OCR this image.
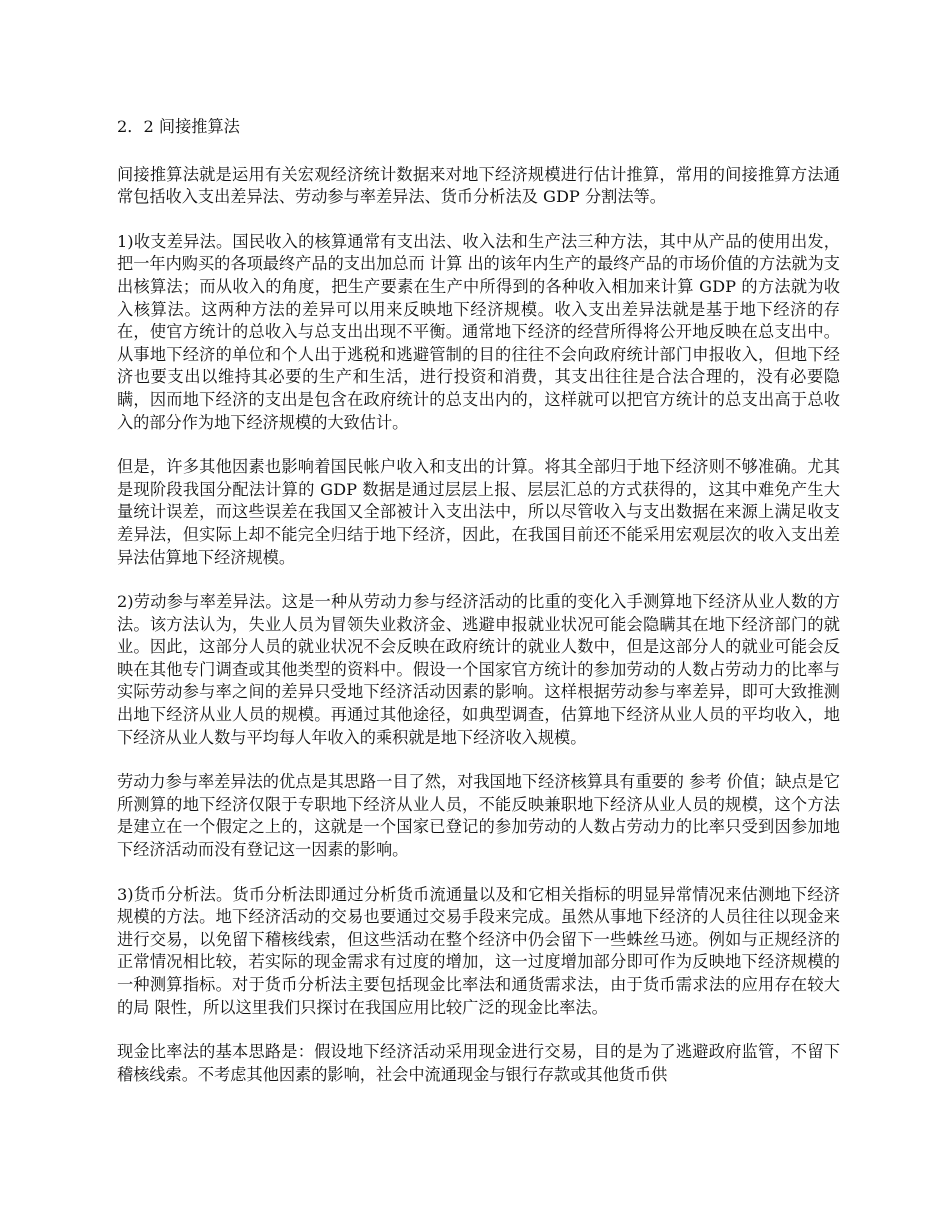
2．2 间接推算法

间接推算法就是运用有关宏观经济统计数据来对地下经济规模进行估计推算，常用的间接推算方法通常包括收入支出差异法、劳动参与率差异法、货币分析法及 GDP 分割法等。

1)收支差异法。国民收入的核算通常有支出法、收入法和生产法三种方法，其中从产品的使用出发，把一年内购买的各项最终产品的支出加总而 计算 出的该年内生产的最终产品的市场价值的方法就为支出核算法；而从收入的角度，把生产要素在生产中所得到的各种收入相加来计算 GDP 的方法就为收入核算法。这两种方法的差异可以用来反映地下经济规模。收入支出差异法就是基于地下经济的存在，使官方统计的总收入与总支出出现不平衡。通常地下经济的经营所得将公开地反映在总支出中。从事地下经济的单位和个人出于逃税和逃避管制的目的往往不会向政府统计部门申报收入，但地下经济也要支出以维持其必要的生产和生活，进行投资和消费，其支出往往是合法合理的，没有必要隐瞒，因而地下经济的支出是包含在政府统计的总支出内的，这样就可以把官方统计的总支出高于总收入的部分作为地下经济规模的大致估计。

但是，许多其他因素也影响着国民帐户收入和支出的计算。将其全部归于地下经济则不够准确。尤其是现阶段我国分配法计算的 GDP 数据是通过层层上报、层层汇总的方式获得的，这其中难免产生大量统计误差，而这些误差在我国又全部被计入支出法中，所以尽管收入与支出数据在来源上满足收支差异法，但实际上却不能完全归结于地下经济，因此，在我国目前还不能采用宏观层次的收入支出差异法估算地下经济规模。

2)劳动参与率差异法。这是一种从劳动力参与经济活动的比重的变化入手测算地下经济从业人数的方法。该方法认为，失业人员为冒领失业救济金、逃避申报就业状况可能会隐瞒其在地下经济部门的就业。因此，这部分人员的就业状况不会反映在政府统计的就业人数中，但是这部分人的就业可能会反映在其他专门调查或其他类型的资料中。假设一个国家官方统计的参加劳动的人数占劳动力的比率与实际劳动参与率之间的差异只受地下经济活动因素的影响。这样根据劳动参与率差异，即可大致推测出地下经济从业人员的规模。再通过其他途径，如典型调查，估算地下经济从业人员的平均收入，地下经济从业人数与平均每人年收入的乘积就是地下经济收入规模。

劳动力参与率差异法的优点是其思路一目了然，对我国地下经济核算具有重要的 参考 价值；缺点是它所测算的地下经济仅限于专职地下经济从业人员，不能反映兼职地下经济从业人员的规模，这个方法是建立在一个假定之上的，这就是一个国家已登记的参加劳动的人数占劳动力的比率只受到因参加地下经济活动而没有登记这一因素的影响。

3)货币分析法。货币分析法即通过分析货币流通量以及和它相关指标的明显异常情况来估测地下经济规模的方法。地下经济活动的交易也要通过交易手段来完成。虽然从事地下经济的人员往往以现金来进行交易，以免留下稽核线索，但这些活动在整个经济中仍会留下一些蛛丝马迹。例如与正规经济的正常情况相比较，若实际的现金需求有过度的增加，这一过度增加部分即可作为反映地下经济规模的一种测算指标。对于货币分析法主要包括现金比率法和通货需求法，由于货币需求法的应用存在较大的局 限性，所以这里我们只探讨在我国应用比较广泛的现金比率法。

现金比率法的基本思路是：假设地下经济活动采用现金进行交易，目的是为了逃避政府监管，不留下稽核线索。不考虑其他因素的影响，社会中流通现金与银行存款或其他货币供
